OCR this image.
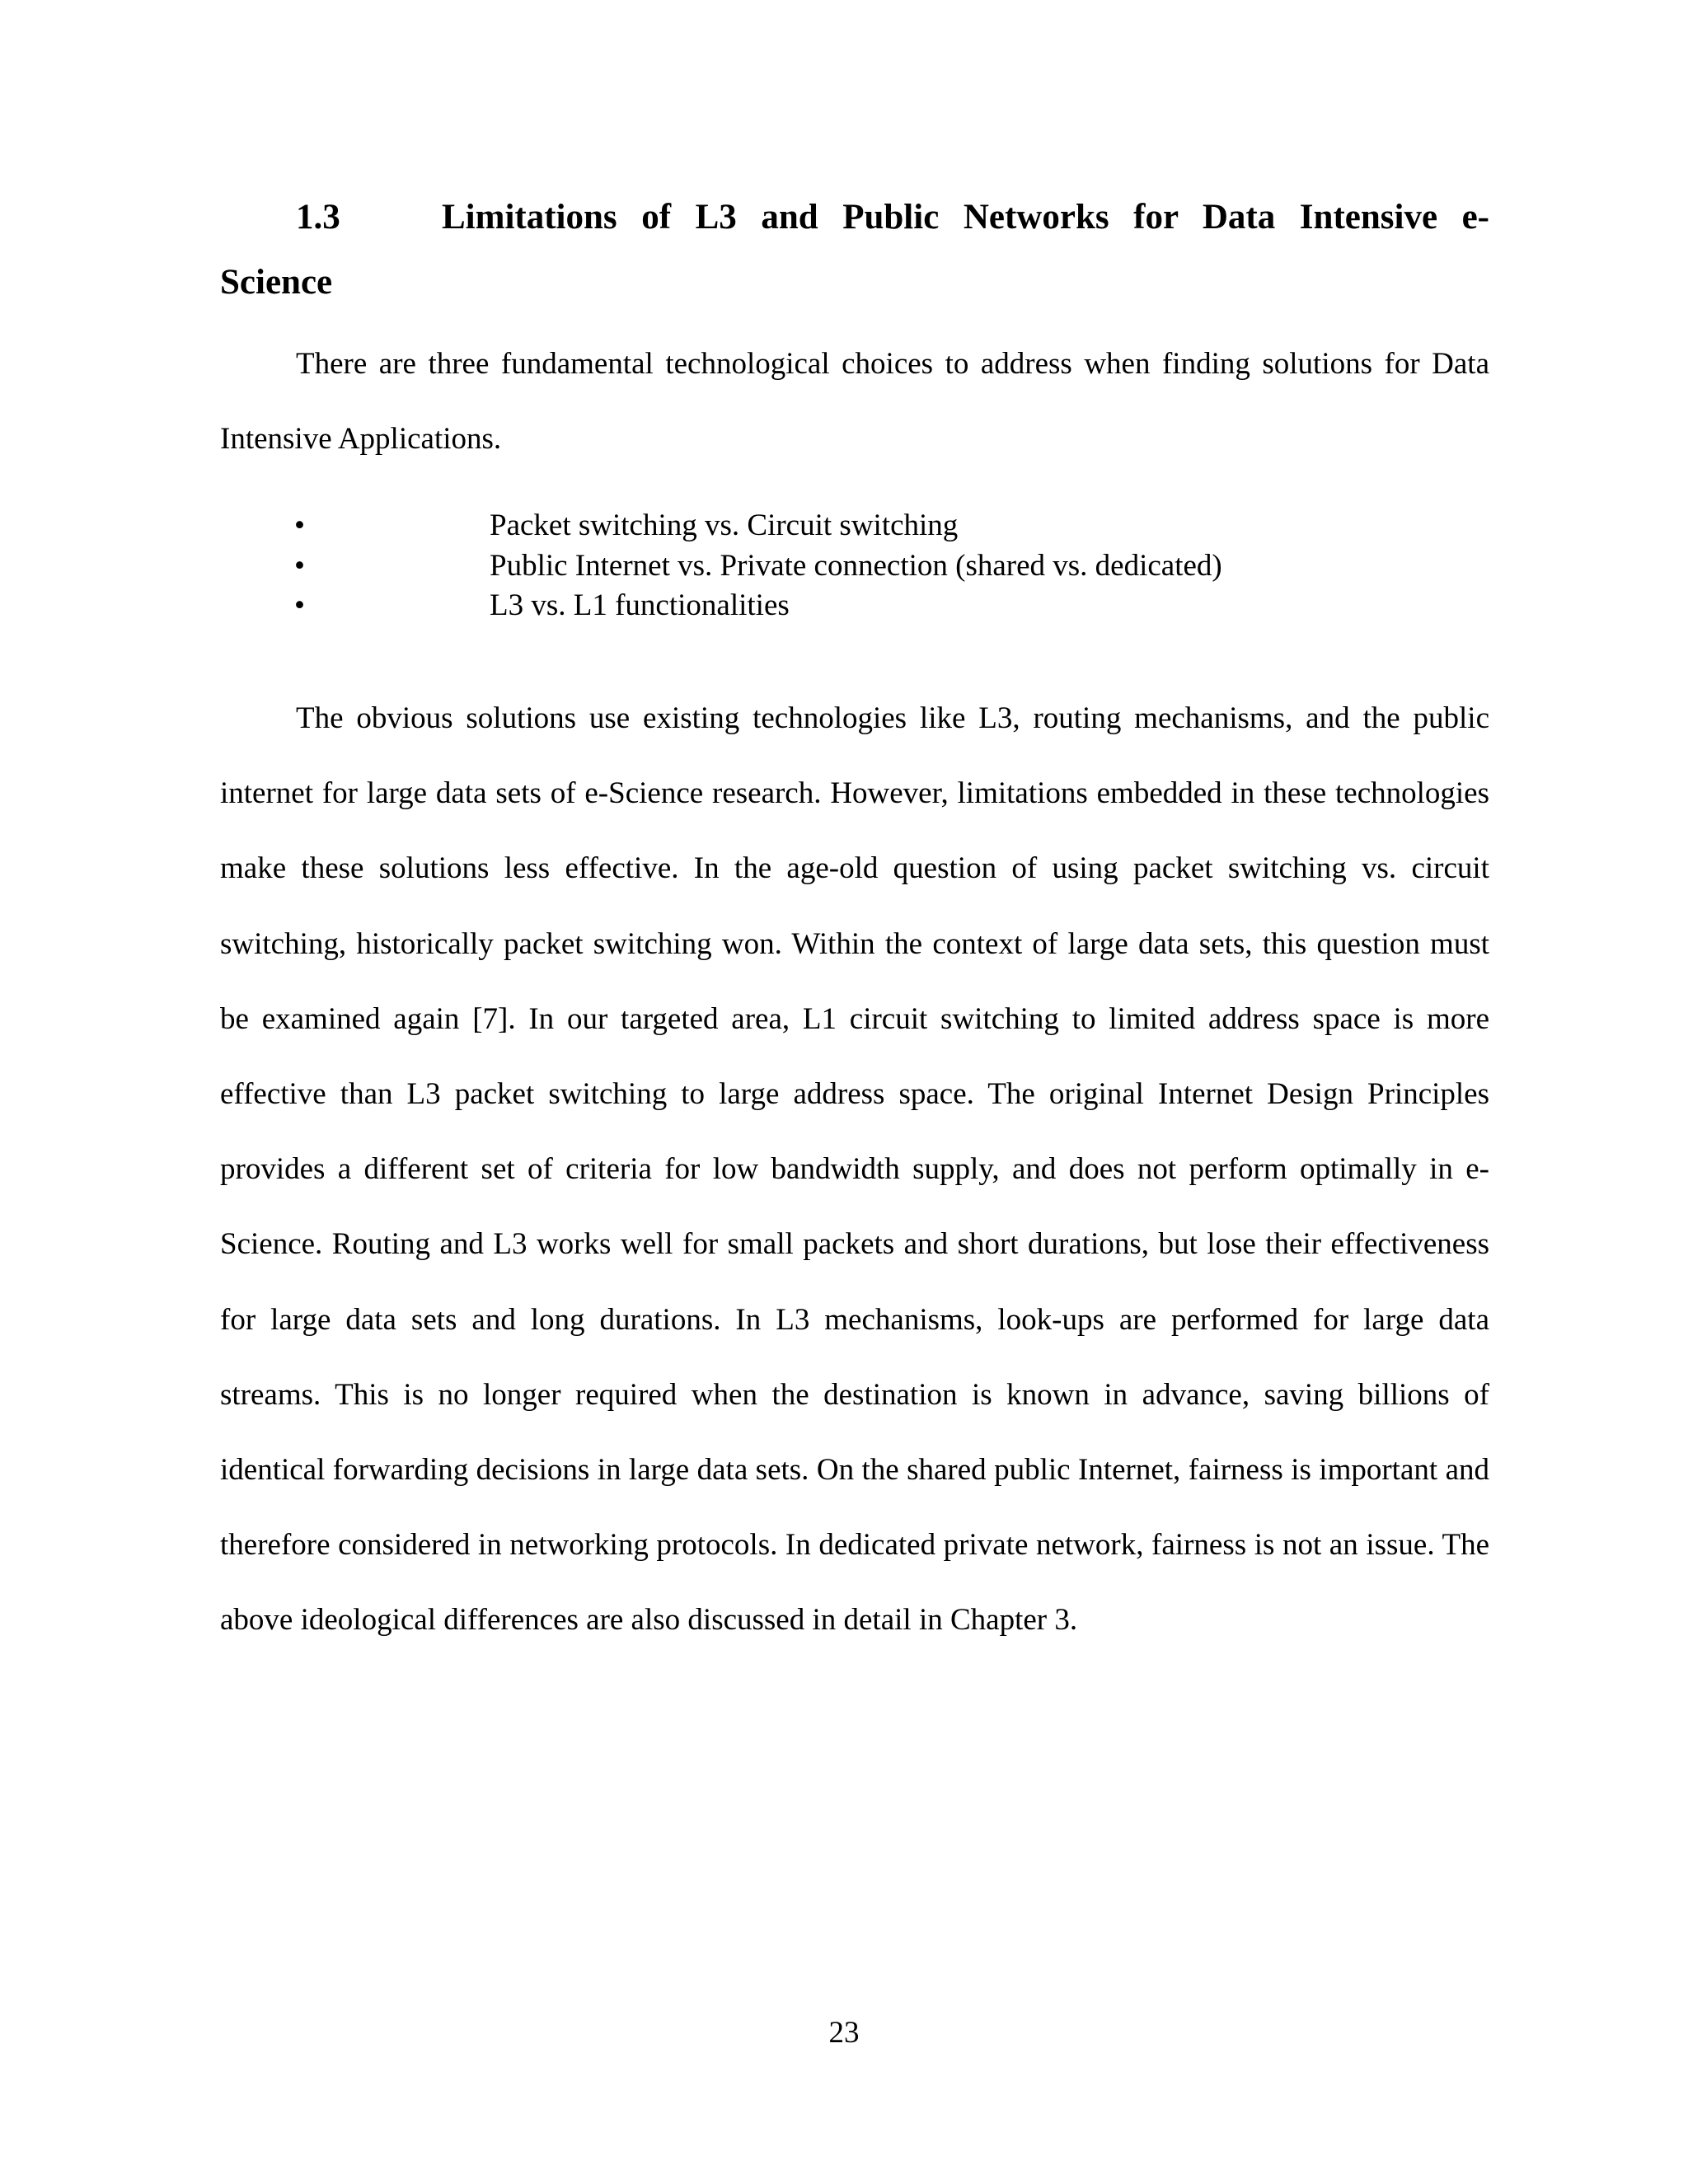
1.3	Limitations of L3 and Public Networks for Data Intensive e-
Science

There are three fundamental technological choices to address when finding solutions for Data Intensive Applications.

•	Packet switching vs. Circuit switching
•	Public Internet vs. Private connection (shared vs. dedicated)
•	L3 vs. L1 functionalities

The obvious solutions use existing technologies like L3, routing mechanisms, and the public internet for large data sets of e-Science research. However, limitations embedded in these technologies make these solutions less effective. In the age-old question of using packet switching vs. circuit switching, historically packet switching won. Within the context of large data sets, this question must be examined again [7]. In our targeted area, L1 circuit switching to limited address space is more effective than L3 packet switching to large address space. The original Internet Design Principles provides a different set of criteria for low bandwidth supply, and does not perform optimally in e-Science. Routing and L3 works well for small packets and short durations, but lose their effectiveness for large data sets and long durations. In L3 mechanisms, look-ups are performed for large data streams. This is no longer required when the destination is known in advance, saving billions of identical forwarding decisions in large data sets. On the shared public Internet, fairness is important and therefore considered in networking protocols. In dedicated private network, fairness is not an issue. The above ideological differences are also discussed in detail in Chapter 3.

23
